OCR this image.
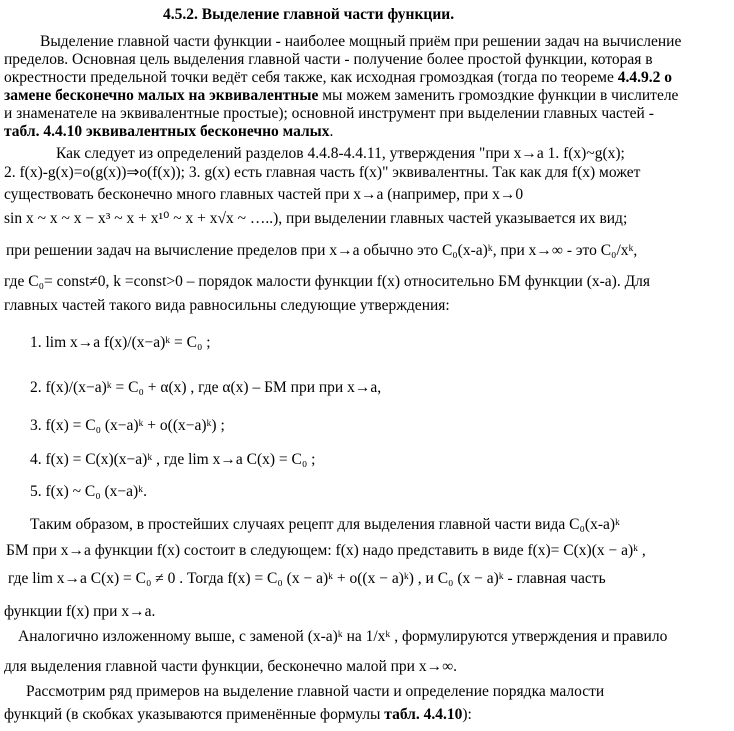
4.5.2. Выделение главной части функции.
Выделение главной части функции - наиболее мощный приём при решении задач на вычисление
пределов. Основная цель выделения главной части - получение более простой функции, которая в
окрестности предельной точки ведёт себя также, как исходная громоздкая (тогда по теореме 4.4.9.2 о
замене бесконечно малых на эквивалентные мы можем заменить громоздкие функции в числителе
и знаменателе на эквивалентные простые); основной инструмент при выделении главных частей -
табл. 4.4.10 эквивалентных бесконечно малых.
Как следует из определений разделов 4.4.8-4.4.11, утверждения "при x→a 1. f(x)~g(x);
2. f(x)-g(x)=o(g(x))⇒o(f(x)); 3. g(x) есть главная часть f(x)" эквивалентны. Так как для f(x) может
существовать бесконечно много главных частей при x→a (например, при x→0
sin x ~ x ~ x − x³ ~ x + x¹⁰ ~ x + x√x ~ …..), при выделении главных частей указывается их вид;
при решении задач на вычисление пределов при x→a обычно это C₀(x-a)ᵏ, при x→∞ - это C₀/xᵏ,
где C₀= const≠0, k =const>0 – порядок малости функции f(x) относительно БМ функции (x-a). Для
главных частей такого вида равносильны следующие утверждения:
1. lim x→a f(x)/(x−a)ᵏ = C₀ ;
2. f(x)/(x−a)ᵏ = C₀ + α(x) , где α(x) – БМ при при x→a,
3. f(x) = C₀ (x−a)ᵏ + o((x−a)ᵏ) ;
4. f(x) = C(x)(x−a)ᵏ , где lim x→a C(x) = C₀ ;
5. f(x) ~ C₀ (x−a)ᵏ.
Таким образом, в простейших случаях рецепт для выделения главной части вида C₀(x-a)ᵏ
БМ при x→a функции f(x) состоит в следующем: f(x) надо представить в виде f(x)= C(x)(x − a)ᵏ ,
где lim x→a C(x) = C₀ ≠ 0 . Тогда f(x) = C₀ (x − a)ᵏ + o((x − a)ᵏ) , и C₀ (x − a)ᵏ - главная часть
функции f(x) при x→a.
Аналогично изложенному выше, с заменой (x-a)ᵏ на 1/xᵏ , формулируются утверждения и правило
для выделения главной части функции, бесконечно малой при x→∞.
Рассмотрим ряд примеров на выделение главной части и определение порядка малости
функций (в скобках указываются применённые формулы табл. 4.4.10):
